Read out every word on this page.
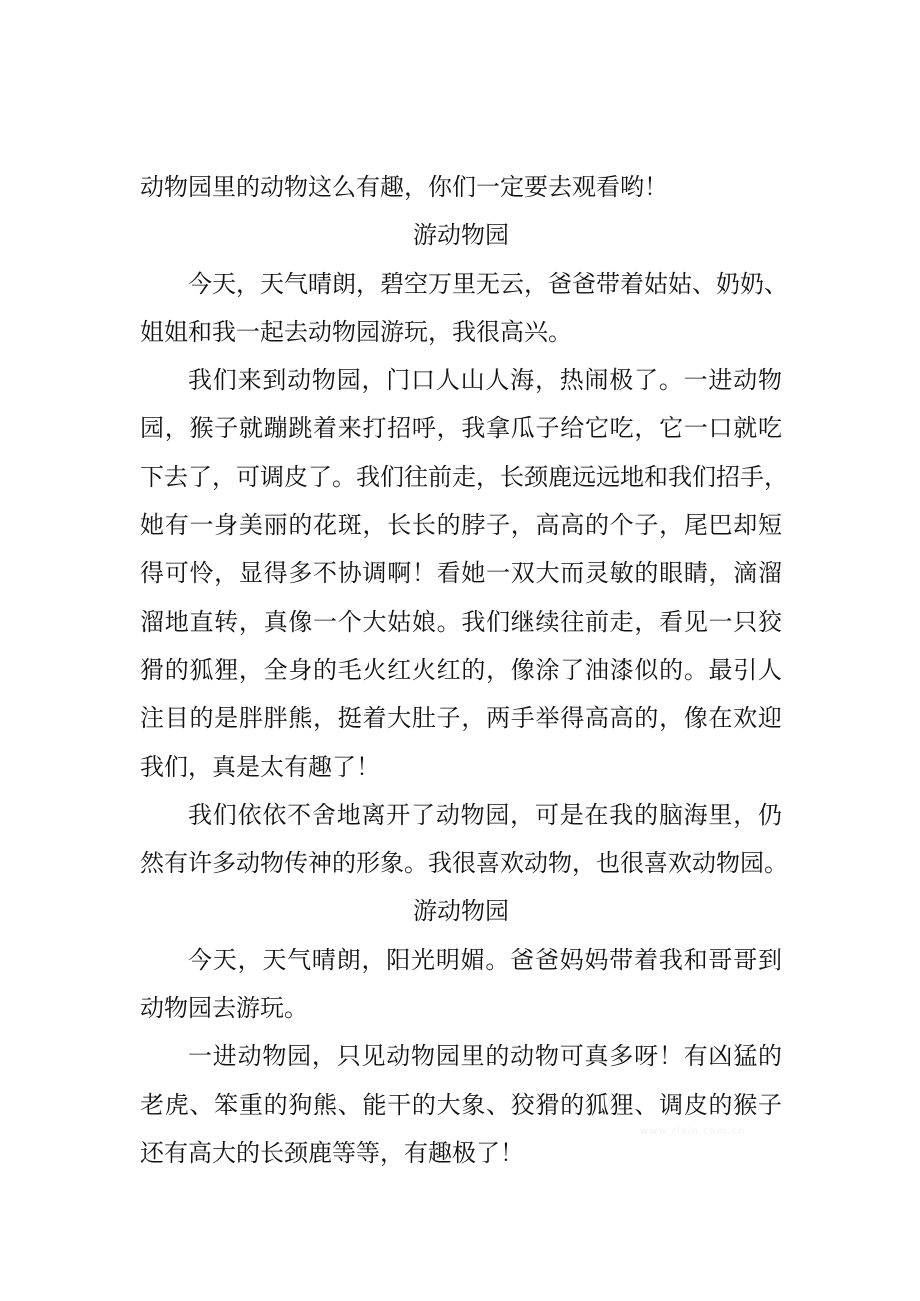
动物园里的动物这么有趣，你们一定要去观看哟！
游动物园
今天，天气晴朗，碧空万里无云，爸爸带着姑姑、奶奶、
姐姐和我一起去动物园游玩，我很高兴。
我们来到动物园，门口人山人海，热闹极了。一进动物
园，猴子就蹦跳着来打招呼，我拿瓜子给它吃，它一口就吃
下去了，可调皮了。我们往前走，长颈鹿远远地和我们招手，
她有一身美丽的花斑，长长的脖子，高高的个子，尾巴却短
得可怜，显得多不协调啊！看她一双大而灵敏的眼睛，滴溜
溜地直转，真像一个大姑娘。我们继续往前走，看见一只狡
猾的狐狸，全身的毛火红火红的，像涂了油漆似的。最引人
注目的是胖胖熊，挺着大肚子，两手举得高高的，像在欢迎
我们，真是太有趣了！
我们依依不舍地离开了动物园，可是在我的脑海里，仍
然有许多动物传神的形象。我很喜欢动物，也很喜欢动物园。
游动物园
今天，天气晴朗，阳光明媚。爸爸妈妈带着我和哥哥到
动物园去游玩。
一进动物园，只见动物园里的动物可真多呀！有凶猛的
老虎、笨重的狗熊、能干的大象、狡猾的狐狸、调皮的猴子
还有高大的长颈鹿等等，有趣极了！
www.zixin.com.cn
